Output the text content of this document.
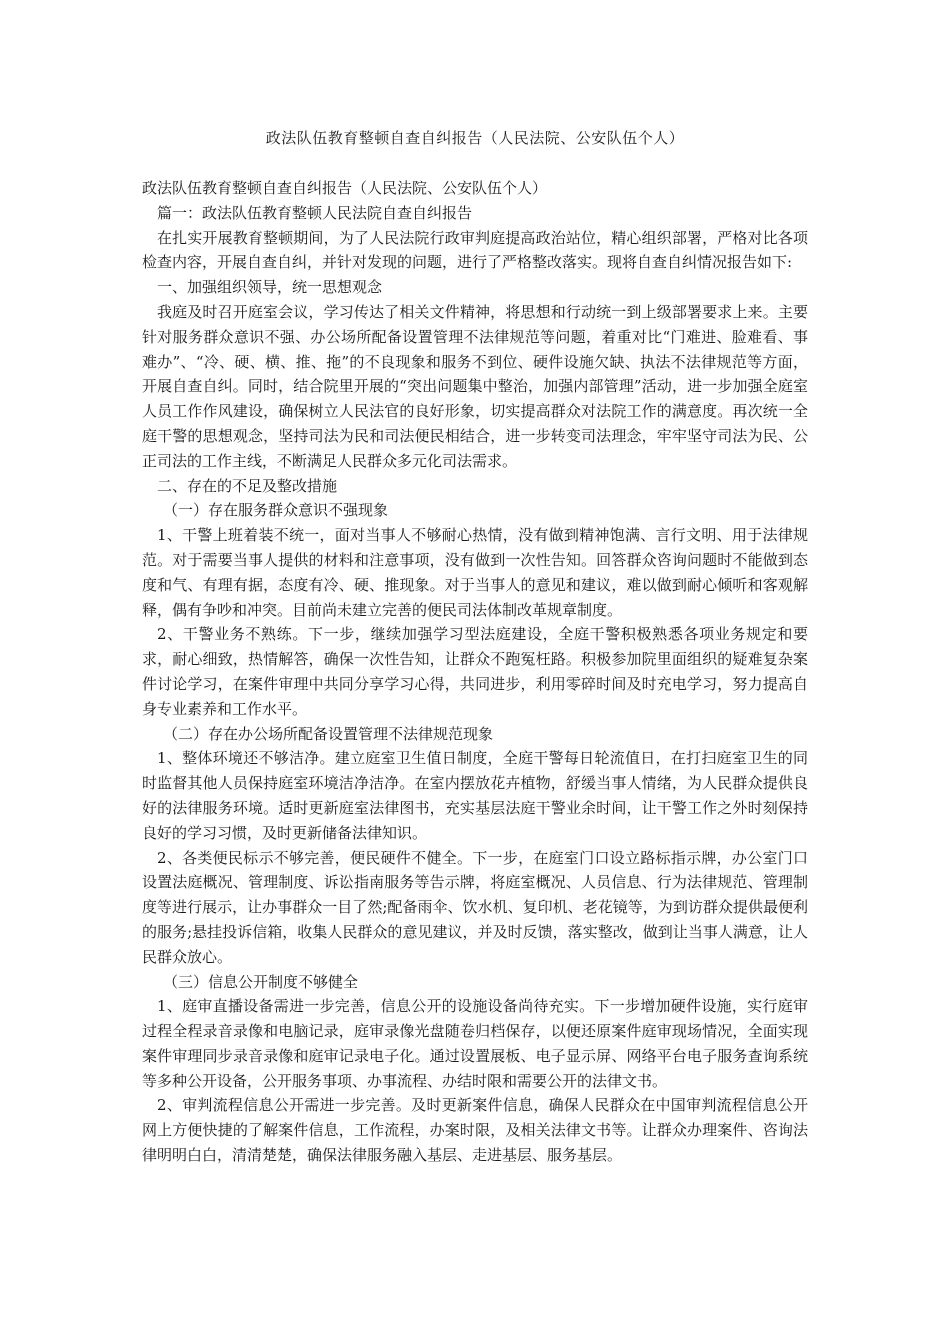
政法队伍教育整顿自查自纠报告（人民法院、公安队伍个人）

政法队伍教育整顿自查自纠报告（人民法院、公安队伍个人）

篇一：政法队伍教育整顿人民法院自查自纠报告

在扎实开展教育整顿期间，为了人民法院行政审判庭提高政治站位，精心组织部署，严格对比各项检查内容，开展自查自纠，并针对发现的问题，进行了严格整改落实。现将自查自纠情况报告如下:

一、加强组织领导，统一思想观念

我庭及时召开庭室会议，学习传达了相关文件精神，将思想和行动统一到上级部署要求上来。主要针对服务群众意识不强、办公场所配备设置管理不法律规范等问题，着重对比“门难进、脸难看、事难办”、“冷、硬、横、推、拖”的不良现象和服务不到位、硬件设施欠缺、执法不法律规范等方面，开展自查自纠。同时，结合院里开展的“突出问题集中整治，加强内部管理”活动，进一步加强全庭室人员工作作风建设，确保树立人民法官的良好形象，切实提高群众对法院工作的满意度。再次统一全庭干警的思想观念，坚持司法为民和司法便民相结合，进一步转变司法理念，牢牢坚守司法为民、公正司法的工作主线，不断满足人民群众多元化司法需求。

二、存在的不足及整改措施

（一）存在服务群众意识不强现象

1、干警上班着装不统一，面对当事人不够耐心热情，没有做到精神饱满、言行文明、用于法律规范。对于需要当事人提供的材料和注意事项，没有做到一次性告知。回答群众咨询问题时不能做到态度和气、有理有据，态度有冷、硬、推现象。对于当事人的意见和建议，难以做到耐心倾听和客观解释，偶有争吵和冲突。目前尚未建立完善的便民司法体制改革规章制度。

2、干警业务不熟练。下一步，继续加强学习型法庭建设，全庭干警积极熟悉各项业务规定和要求，耐心细致，热情解答，确保一次性告知，让群众不跑冤枉路。积极参加院里面组织的疑难复杂案件讨论学习，在案件审理中共同分享学习心得，共同进步，利用零碎时间及时充电学习，努力提高自身专业素养和工作水平。

（二）存在办公场所配备设置管理不法律规范现象

1、整体环境还不够洁净。建立庭室卫生值日制度，全庭干警每日轮流值日，在打扫庭室卫生的同时监督其他人员保持庭室环境洁净洁净。在室内摆放花卉植物，舒缓当事人情绪，为人民群众提供良好的法律服务环境。适时更新庭室法律图书，充实基层法庭干警业余时间，让干警工作之外时刻保持良好的学习习惯，及时更新储备法律知识。

2、各类便民标示不够完善，便民硬件不健全。下一步，在庭室门口设立路标指示牌，办公室门口设置法庭概况、管理制度、诉讼指南服务等告示牌，将庭室概况、人员信息、行为法律规范、管理制度等进行展示，让办事群众一目了然;配备雨伞、饮水机、复印机、老花镜等，为到访群众提供最便利的服务;悬挂投诉信箱，收集人民群众的意见建议，并及时反馈，落实整改，做到让当事人满意，让人民群众放心。

（三）信息公开制度不够健全

1、庭审直播设备需进一步完善，信息公开的设施设备尚待充实。下一步增加硬件设施，实行庭审过程全程录音录像和电脑记录，庭审录像光盘随卷归档保存，以便还原案件庭审现场情况，全面实现案件审理同步录音录像和庭审记录电子化。通过设置展板、电子显示屏、网络平台电子服务查询系统等多种公开设备，公开服务事项、办事流程、办结时限和需要公开的法律文书。

2、审判流程信息公开需进一步完善。及时更新案件信息，确保人民群众在中国审判流程信息公开网上方便快捷的了解案件信息，工作流程，办案时限，及相关法律文书等。让群众办理案件、咨询法律明明白白，清清楚楚，确保法律服务融入基层、走进基层、服务基层。
